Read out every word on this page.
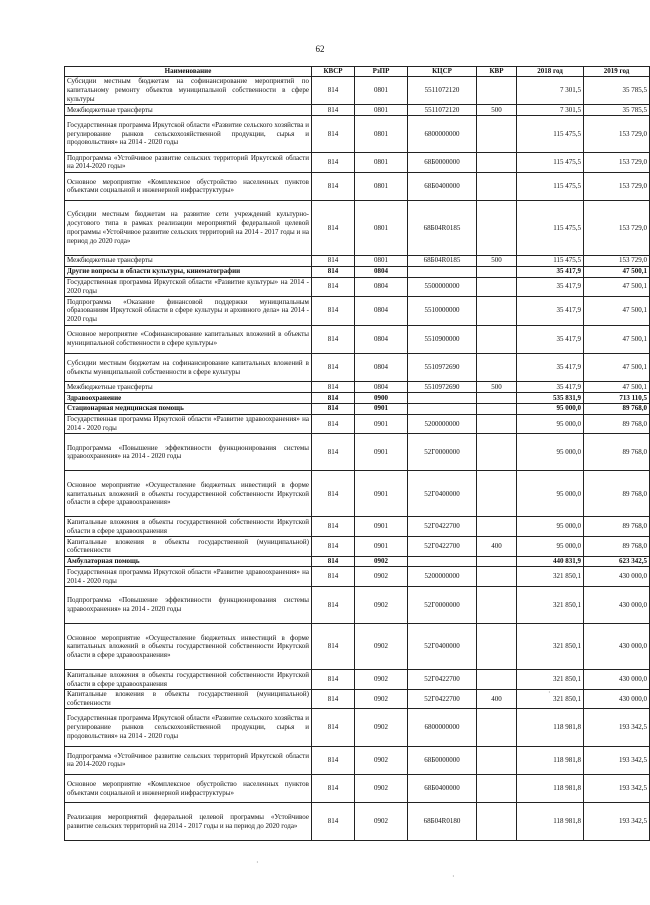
62
Наименование	КВСР	РзПР	КЦСР	КВР	2018 год	2019 год
Субсидии местным бюджетам на софинансирование мероприятий по капитальному ремонту объектов муниципальной собственности в сфере культуры	814	0801	5511072120		7 301,5	35 785,5
Межбюджетные трансферты	814	0801	5511072120	500	7 301,5	35 785,5
Государственная программа Иркутской области «Развитие сельского хозяйства и регулирование рынков сельскохозяйственной продукции, сырья и продовольствия» на 2014 - 2020 годы	814	0801	6800000000		115 475,5	153 729,0
Подпрограмма «Устойчивое развитие сельских территорий Иркутской области на 2014-2020 годы»	814	0801	68Б0000000		115 475,5	153 729,0
Основное мероприятие «Комплексное обустройство населенных пунктов объектами социальной и инженерной инфраструктуры»	814	0801	68Б0400000		115 475,5	153 729,0
Субсидии местным бюджетам на развитие сети учреждений культурно-досугового типа в рамках реализации мероприятий федеральной целевой программы «Устойчивое развитие сельских территорий на 2014 - 2017 годы и на период до 2020 года»	814	0801	68Б04R0185		115 475,5	153 729,0
Межбюджетные трансферты	814	0801	68Б04R0185	500	115 475,5	153 729,0
Другие вопросы в области культуры, кинематографии	814	0804			35 417,9	47 500,1
Государственная программа Иркутской области «Развитие культуры» на 2014 - 2020 годы	814	0804	5500000000		35 417,9	47 500,1
Подпрограмма «Оказание финансовой поддержки муниципальным образованиям Иркутской области в сфере культуры и архивного дела» на 2014 - 2020 годы	814	0804	5510000000		35 417,9	47 500,1
Основное мероприятие «Софинансирование капитальных вложений в объекты муниципальной собственности в сфере культуры»	814	0804	5510900000		35 417,9	47 500,1
Субсидии местным бюджетам на софинансирование капитальных вложений в объекты муниципальной собственности в сфере культуры	814	0804	5510972690		35 417,9	47 500,1
Межбюджетные трансферты	814	0804	5510972690	500	35 417,9	47 500,1
Здравоохранение	814	0900			535 831,9	713 110,5
Стационарная медицинская помощь	814	0901			95 000,0	89 768,0
Государственная программа Иркутской области «Развитие здравоохранения» на 2014 - 2020 годы	814	0901	5200000000		95 000,0	89 768,0
Подпрограмма «Повышение эффективности функционирования системы здравоохранения» на 2014 - 2020 годы	814	0901	52Г0000000		95 000,0	89 768,0
Основное мероприятие «Осуществление бюджетных инвестиций в форме капитальных вложений в объекты государственной собственности Иркутской области в сфере здравоохранения»	814	0901	52Г0400000		95 000,0	89 768,0
Капитальные вложения в объекты государственной собственности Иркутской области в сфере здравоохранения	814	0901	52Г0422700		95 000,0	89 768,0
Капитальные вложения в объекты государственной (муниципальной) собственности	814	0901	52Г0422700	400	95 000,0	89 768,0
Амбулаторная помощь	814	0902			440 831,9	623 342,5
Государственная программа Иркутской области «Развитие здравоохранения» на 2014 - 2020 годы	814	0902	5200000000		321 850,1	430 000,0
Подпрограмма «Повышение эффективности функционирования системы здравоохранения» на 2014 - 2020 годы	814	0902	52Г0000000		321 850,1	430 000,0
Основное мероприятие «Осуществление бюджетных инвестиций в форме капитальных вложений в объекты государственной собственности Иркутской области в сфере здравоохранения»	814	0902	52Г0400000		321 850,1	430 000,0
Капитальные вложения в объекты государственной собственности Иркутской области в сфере здравоохранения	814	0902	52Г0422700		321 850,1	430 000,0
Капитальные вложения в объекты государственной (муниципальной) собственности	814	0902	52Г0422700	400	321 850,1	430 000,0
Государственная программа Иркутской области «Развитие сельского хозяйства и регулирование рынков сельскохозяйственной продукции, сырья и продовольствия» на 2014 - 2020 годы	814	0902	6800000000		118 981,8	193 342,5
Подпрограмма «Устойчивое развитие сельских территорий Иркутской области на 2014-2020 годы»	814	0902	68Б0000000		118 981,8	193 342,5
Основное мероприятие «Комплексное обустройство населенных пунктов объектами социальной и инженерной инфраструктуры»	814	0902	68Б0400000		118 981,8	193 342,5
Реализация мероприятий федеральной целевой программы «Устойчивое развитие сельских территорий на 2014 - 2017 годы и на период до 2020 года»	814	0902	68Б04R0180		118 981,8	193 342,5
·
·
·
